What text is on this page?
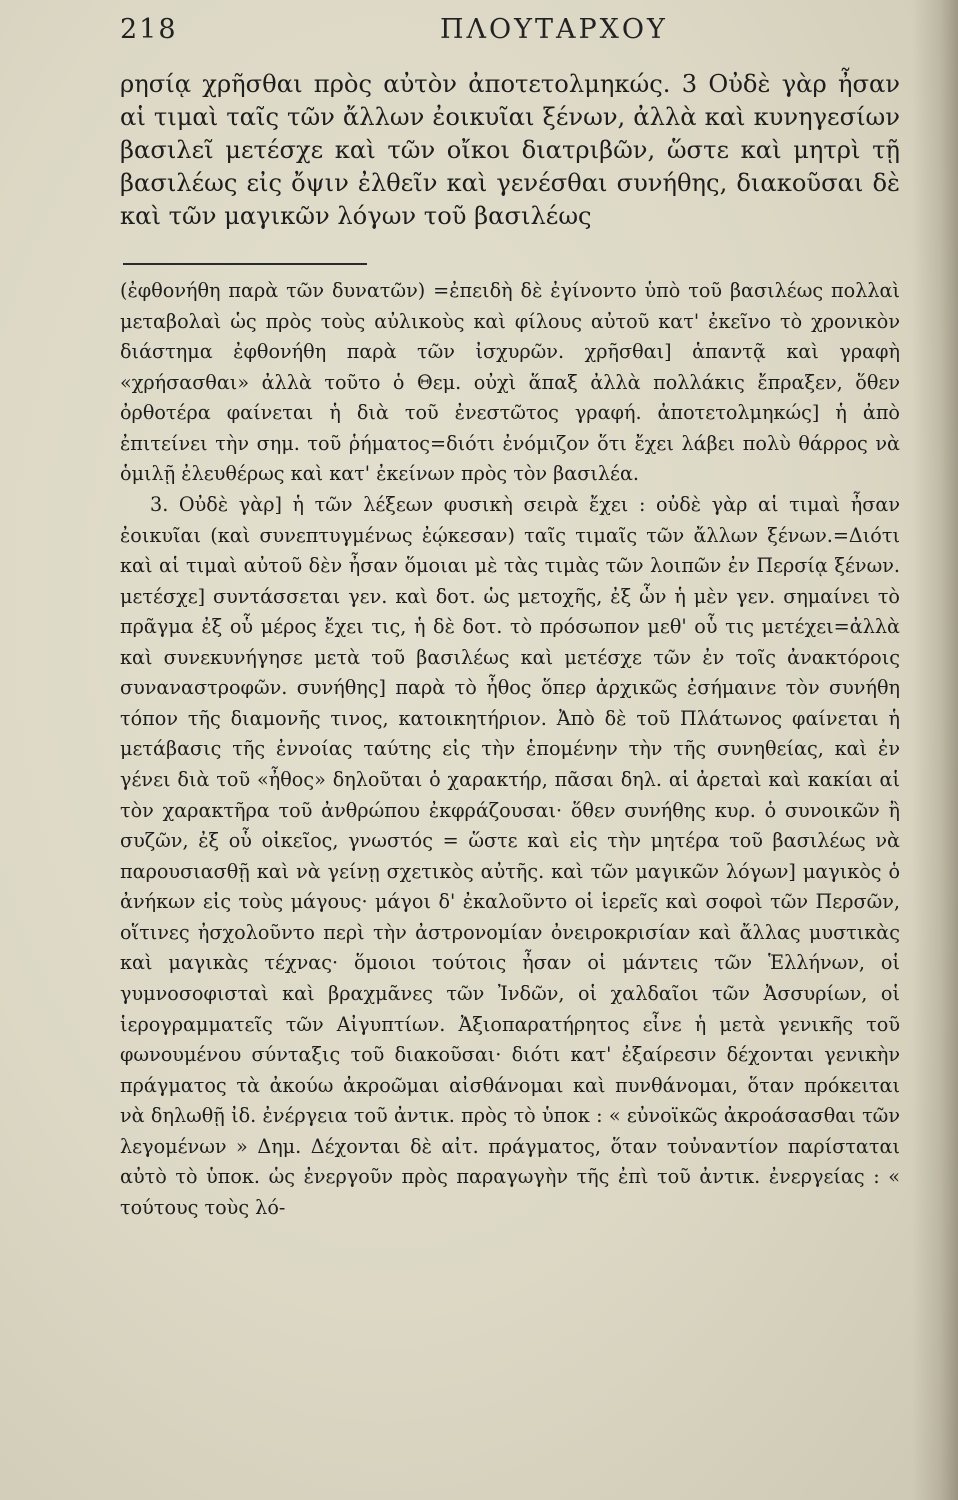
218	ΠΛΟΥΤΑΡΧΟΥ

ρησίᾳ χρῆσθαι πρὸς αὐτὸν ἀποτετολμηκώς. 3 Οὐδὲ γὰρ ἦσαν αἱ τιμαὶ ταῖς τῶν ἄλλων ἐοικυῖαι ξένων, ἀλλὰ καὶ κυνηγεσίων βασιλεῖ μετέσχε καὶ τῶν οἴκοι διατριβῶν, ὥστε καὶ μητρὶ τῇ βασιλέως εἰς ὄψιν ἐλθεῖν καὶ γενέσθαι συνήθης, διακοῦσαι δὲ καὶ τῶν μαγικῶν λόγων τοῦ βασιλέως

(ἐφθονήθη παρὰ τῶν δυνατῶν) =ἐπειδὴ δὲ ἐγίνοντο ὑπὸ τοῦ βασιλέως πολλαὶ μεταβολαὶ ὡς πρὸς τοὺς αὐλικοὺς καὶ φίλους αὐτοῦ κατ' ἐκεῖνο τὸ χρονικὸν διάστημα ἐφθονήθη παρὰ τῶν ἰσχυρῶν. χρῆσθαι] ἁπαντᾷ καὶ γραφὴ «χρήσασθαι» ἀλλὰ τοῦτο ὁ Θεμ. οὐχὶ ἅπαξ ἀλλὰ πολλάκις ἔπραξεν, ὅθεν ὀρθοτέρα φαίνεται ἡ διὰ τοῦ ἐνεστῶτος γραφή. ἀποτετολμηκώς] ἡ ἀπὸ ἐπιτείνει τὴν σημ. τοῦ ῥήματος=διότι ἐνόμιζον ὅτι ἔχει λάβει πολὺ θάρρος νὰ ὁμιλῇ ἐλευθέρως καὶ κατ' ἐκείνων πρὸς τὸν βασιλέα.

3. Οὐδὲ γὰρ] ἡ τῶν λέξεων φυσικὴ σειρὰ ἔχει : οὐδὲ γὰρ αἱ τιμαὶ ἦσαν ἐοικυῖαι (καὶ συνεπτυγμένως ἐῴκεσαν) ταῖς τιμαῖς τῶν ἄλλων ξένων.=Διότι καὶ αἱ τιμαὶ αὐτοῦ δὲν ἦσαν ὅμοιαι μὲ τὰς τιμὰς τῶν λοιπῶν ἐν Περσίᾳ ξένων. μετέσχε] συντάσσεται γεν. καὶ δοτ. ὡς μετοχῆς, ἐξ ὧν ἡ μὲν γεν. σημαίνει τὸ πρᾶγμα ἐξ οὗ μέρος ἔχει τις, ἡ δὲ δοτ. τὸ πρόσωπον μεθ' οὗ τις μετέχει=ἀλλὰ καὶ συνεκυνήγησε μετὰ τοῦ βασιλέως καὶ μετέσχε τῶν ἐν τοῖς ἀνακτόροις συναναστροφῶν. συνήθης] παρὰ τὸ ἦθος ὅπερ ἀρχικῶς ἐσήμαινε τὸν συνήθη τόπον τῆς διαμονῆς τινος, κατοικητήριον. Ἀπὸ δὲ τοῦ Πλάτωνος φαίνεται ἡ μετάβασις τῆς ἐννοίας ταύτης εἰς τὴν ἑπομένην τὴν τῆς συνηθείας, καὶ ἐν γένει διὰ τοῦ «ἦθος» δηλοῦται ὁ χαρακτήρ, πᾶσαι δηλ. αἱ ἀρεταὶ καὶ κακίαι αἱ τὸν χαρακτῆρα τοῦ ἀνθρώπου ἐκφράζουσαι· ὅθεν συνήθης κυρ. ὁ συνοικῶν ἢ συζῶν, ἐξ οὗ οἰκεῖος, γνωστός = ὥστε καὶ εἰς τὴν μητέρα τοῦ βασιλέως νὰ παρουσιασθῇ καὶ νὰ γείνῃ σχετικὸς αὐτῆς. καὶ τῶν μαγικῶν λόγων] μαγικὸς ὁ ἀνήκων εἰς τοὺς μάγους· μάγοι δ' ἐκαλοῦντο οἱ ἱερεῖς καὶ σοφοὶ τῶν Περσῶν, οἵτινες ἠσχολοῦντο περὶ τὴν ἀστρονομίαν ὀνειροκρισίαν καὶ ἄλλας μυστικὰς καὶ μαγικὰς τέχνας· ὅμοιοι τούτοις ἦσαν οἱ μάντεις τῶν Ἑλλήνων, οἱ γυμνοσοφισταὶ καὶ βραχμᾶνες τῶν Ἰνδῶν, οἱ χαλδαῖοι τῶν Ἀσσυρίων, οἱ ἱερογραμματεῖς τῶν Αἰγυπτίων. Ἀξιοπαρατήρητος εἶνε ἡ μετὰ γενικῆς τοῦ φωνουμένου σύνταξις τοῦ διακοῦσαι· διότι κατ' ἐξαίρεσιν δέχονται γενικὴν πράγματος τὰ ἀκούω ἀκροῶμαι αἰσθάνομαι καὶ πυνθάνομαι, ὅταν πρόκειται νὰ δηλωθῇ ἰδ. ἐνέργεια τοῦ ἀντικ. πρὸς τὸ ὑποκ : « εὐνοϊκῶς ἀκροάσασθαι τῶν λεγομένων » Δημ. Δέχονται δὲ αἰτ. πράγματος, ὅταν τοὐναντίον παρίσταται αὐτὸ τὸ ὑποκ. ὡς ἐνεργοῦν πρὸς παραγωγὴν τῆς ἐπὶ τοῦ ἀντικ. ἐνεργείας : « τούτους τοὺς λό-
